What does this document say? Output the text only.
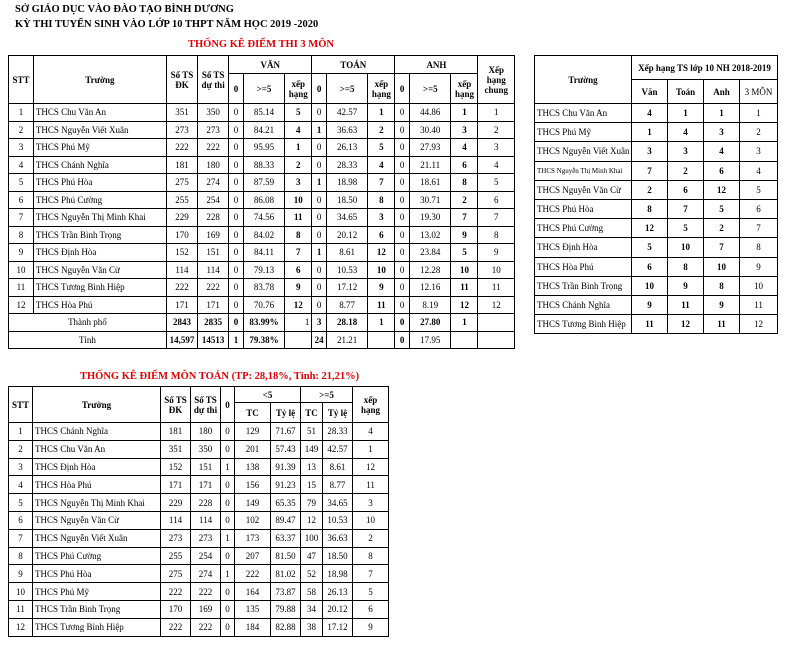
SỞ GIÁO DỤC VÀO ĐÀO TẠO BÌNH DƯƠNG
KỲ THI TUYỂN SINH VÀO LỚP 10 THPT NĂM HỌC 2019 -2020
THỐNG KÊ ĐIỂM THI 3 MÔN
STT	Trường	Số TS ĐK	Số TS dự thi	VĂN			TOÁN			ANH			Xếp hạng chung
				0	>=5	xếp hạng	0	>=5	xếp hạng	0	>=5	xếp hạng	
1	THCS Chu Văn An	351	350	0	85.14	5	0	42.57	1	0	44.86	1	1
2	THCS Nguyễn Viết Xuân	273	273	0	84.21	4	1	36.63	2	0	30.40	3	2
3	THCS Phú Mỹ	222	222	0	95.95	1	0	26.13	5	0	27.93	4	3
4	THCS Chánh Nghĩa	181	180	0	88.33	2	0	28.33	4	0	21.11	6	4
5	THCS Phú Hòa	275	274	0	87.59	3	1	18.98	7	0	18.61	8	5
6	THCS Phú Cường	255	254	0	86.08	10	0	18.50	8	0	30.71	2	6
7	THCS Nguyễn Thị Minh Khai	229	228	0	74.56	11	0	34.65	3	0	19.30	7	7
8	THCS Trần Bình Trọng	170	169	0	84.02	8	0	20.12	6	0	13.02	9	8
9	THCS Định Hòa	152	151	0	84.11	7	1	8.61	12	0	23.84	5	9
10	THCS Nguyễn Văn Cừ	114	114	0	79.13	6	0	10.53	10	0	12.28	10	10
11	THCS Tương Bình Hiệp	222	222	0	83.78	9	0	17.12	9	0	12.16	11	11
12	THCS Hòa Phú	171	171	0	70.76	12	0	8.77	11	0	8.19	12	12
Thành phố		2843	2835	0	83.99%	1	3	28.18	1	0	27.80	1	
Tỉnh		14,597	14513	1	79.38%		24	21.21		0	17.95		
Trường	Xếp hạng TS lớp 10 NH 2018-2019			
	Văn	Toán	Anh	3 MÔN
THCS Chu Văn An	4	1	1	1
THCS Phú Mỹ	1	4	3	2
THCS Nguyễn Viết Xuân	3	3	4	3
THCS Nguyễn Thị Minh Khai	7	2	6	4
THCS Nguyễn Văn Cừ	2	6	12	5
THCS Phú Hòa	8	7	5	6
THCS Phú Cường	12	5	2	7
THCS Định Hòa	5	10	7	8
THCS Hòa Phú	6	8	10	9
THCS Trần Bình Trọng	10	9	8	10
THCS Chánh Nghĩa	9	11	9	11
THCS Tương Bình Hiệp	11	12	11	12
THỐNG KÊ ĐIỂM MÔN TOÁN (TP: 28,18%, Tỉnh: 21,21%)
STT	Trường	Số TS ĐK	Số TS dự thi	0	<5		>=5		xếp hạng
					TC	Tỷ lệ	TC	Tỷ lệ	
1	THCS Chánh Nghĩa	181	180	0	129	71.67	51	28.33	4
2	THCS Chu Văn An	351	350	0	201	57.43	149	42.57	1
3	THCS Định Hòa	152	151	1	138	91.39	13	8.61	12
4	THCS Hòa Phú	171	171	0	156	91.23	15	8.77	11
5	THCS Nguyễn Thị Minh Khai	229	228	0	149	65.35	79	34.65	3
6	THCS Nguyễn Văn Cừ	114	114	0	102	89.47	12	10.53	10
7	THCS Nguyễn Viết Xuân	273	273	1	173	63.37	100	36.63	2
8	THCS Phú Cường	255	254	0	207	81.50	47	18.50	8
9	THCS Phú Hòa	275	274	1	222	81.02	52	18.98	7
10	THCS Phú Mỹ	222	222	0	164	73.87	58	26.13	5
11	THCS Trần Bình Trọng	170	169	0	135	79.88	34	20.12	6
12	THCS Tương Bình Hiệp	222	222	0	184	82.88	38	17.12	9
